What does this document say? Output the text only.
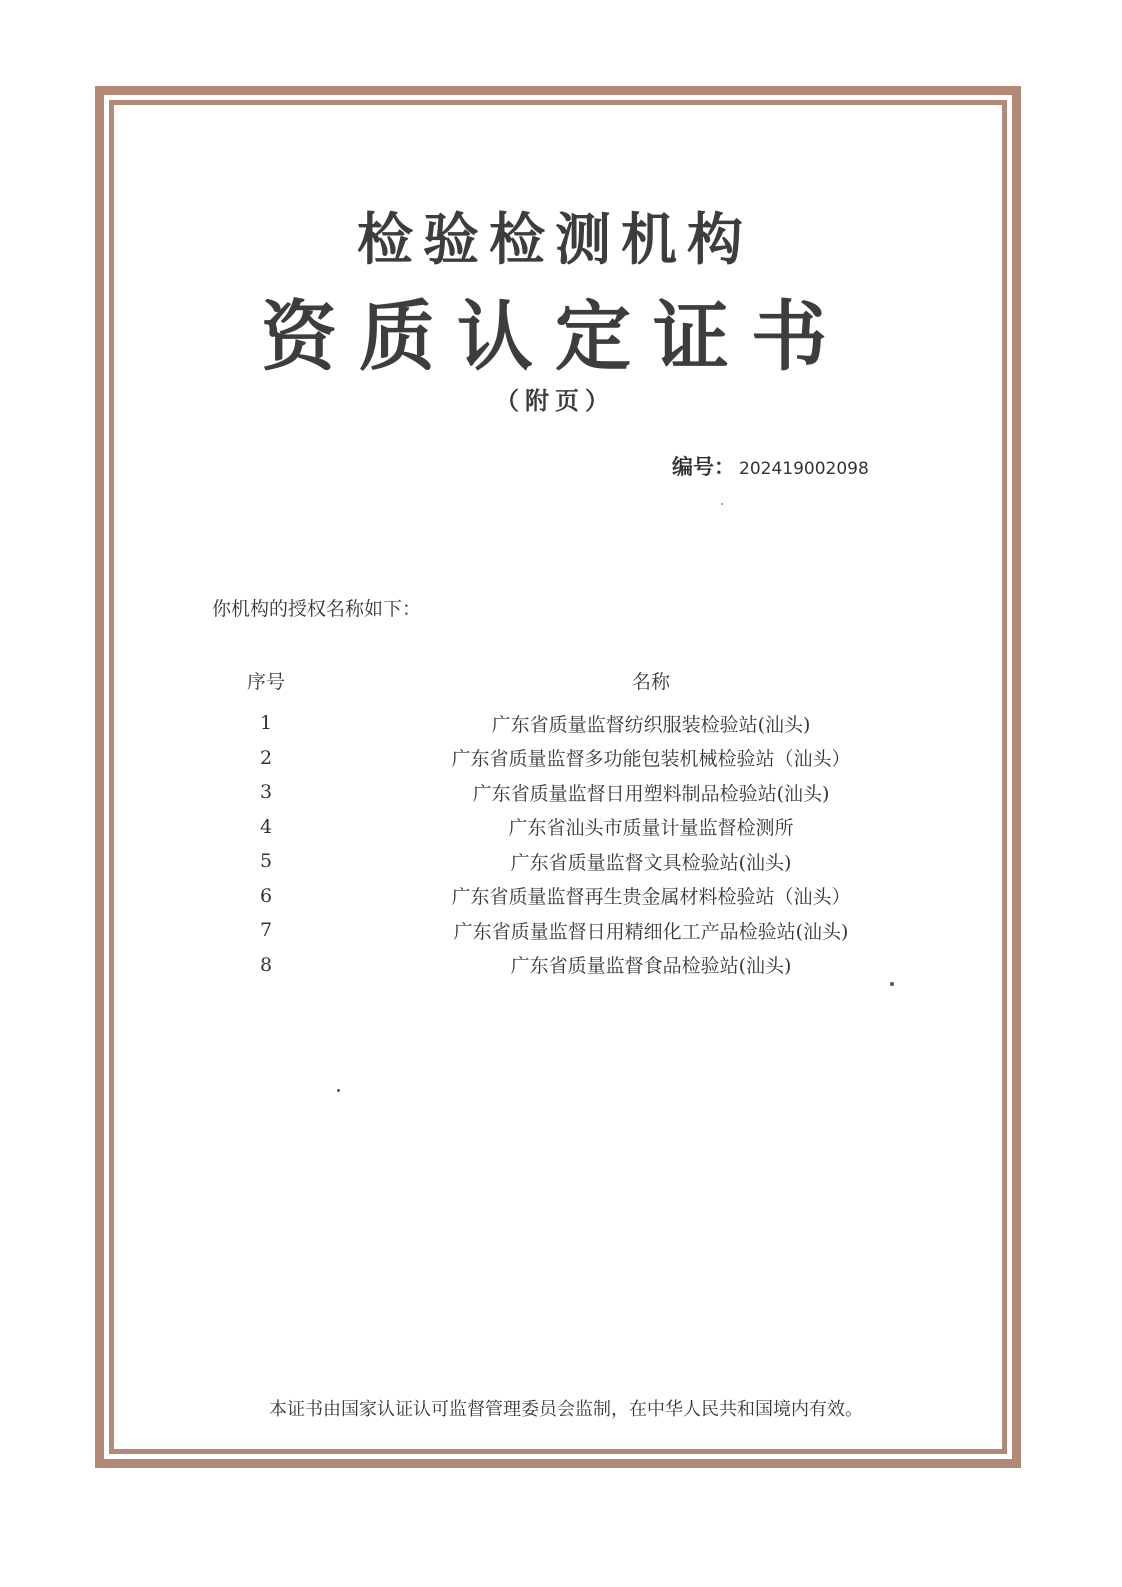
检验检测机构
资质认定证书
（附页）
编号： 202419002098
你机构的授权名称如下：
序号	名称
1	广东省质量监督纺织服装检验站(汕头)
2	广东省质量监督多功能包装机械检验站（汕头）
3	广东省质量监督日用塑料制品检验站(汕头)
4	广东省汕头市质量计量监督检测所
5	广东省质量监督文具检验站(汕头)
6	广东省质量监督再生贵金属材料检验站（汕头）
7	广东省质量监督日用精细化工产品检验站(汕头)
8	广东省质量监督食品检验站(汕头)
本证书由国家认证认可监督管理委员会监制，在中华人民共和国境内有效。
